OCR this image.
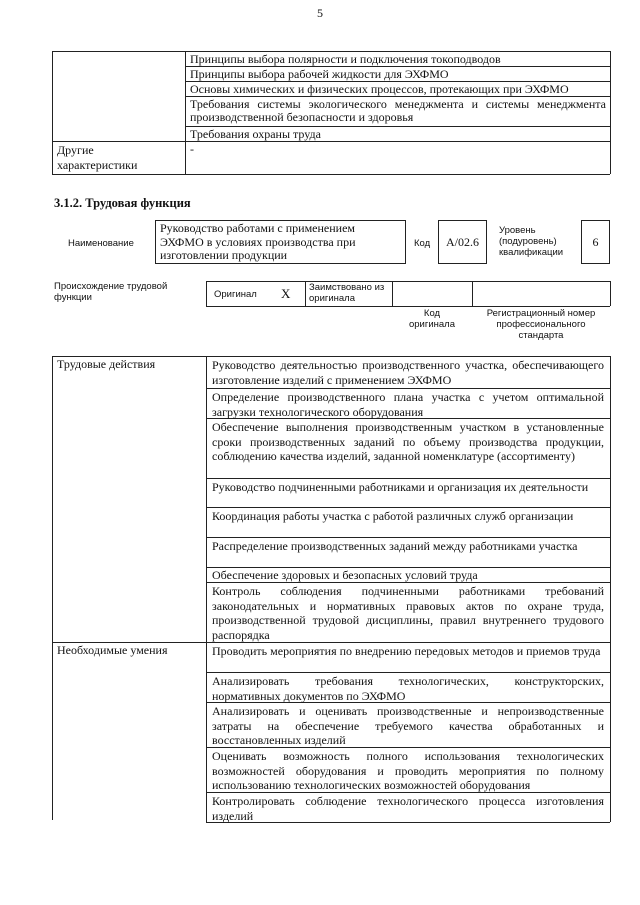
5
Принципы выбора полярности и подключения токоподводов
Принципы выбора рабочей жидкости для ЭХФМО
Основы химических и физических процессов, протекающих при ЭХФМО
Требования системы экологического менеджмента и системы менеджмента производственной безопасности и здоровья
Требования охраны труда
Другие характеристики
-
3.1.2. Трудовая функция
Наименование
Руководство работами с применением ЭХФМО в условиях производства при изготовлении продукции
Код	А/02.6
Уровень (подуровень) квалификации
6
Происхождение трудовой функции	Оригинал X Заимствовано из оригинала
Код оригинала
Регистрационный номер профессионального стандарта
Трудовые действия
Необходимые умения
Руководство деятельностью производственного участка, обеспечивающего изготовление изделий с применением ЭХФМО
Определение производственного плана участка с учетом оптимальной загрузки технологического оборудования
Обеспечение выполнения производственным участком в установленные сроки производственных заданий по объему производства продукции, соблюдению качества изделий, заданной номенклатуре (ассортименту)
Руководство подчиненными работниками и организация их деятельности
Координация работы участка с работой различных служб организации
Распределение производственных заданий между работниками участка
Обеспечение здоровых и безопасных условий труда
Контроль соблюдения подчиненными работниками требований законодательных и нормативных правовых актов по охране труда, производственной трудовой дисциплины, правил внутреннего трудового распорядка
Проводить мероприятия по внедрению передовых методов и приемов труда
Анализировать требования технологических, конструкторских, нормативных документов по ЭХФМО
Анализировать и оценивать производственные и непроизводственные затраты на обеспечение требуемого качества обработанных и восстановленных изделий
Оценивать возможность полного использования технологических возможностей оборудования и проводить мероприятия по полному использованию технологических возможностей оборудования
Контролировать соблюдение технологического процесса изготовления изделий
